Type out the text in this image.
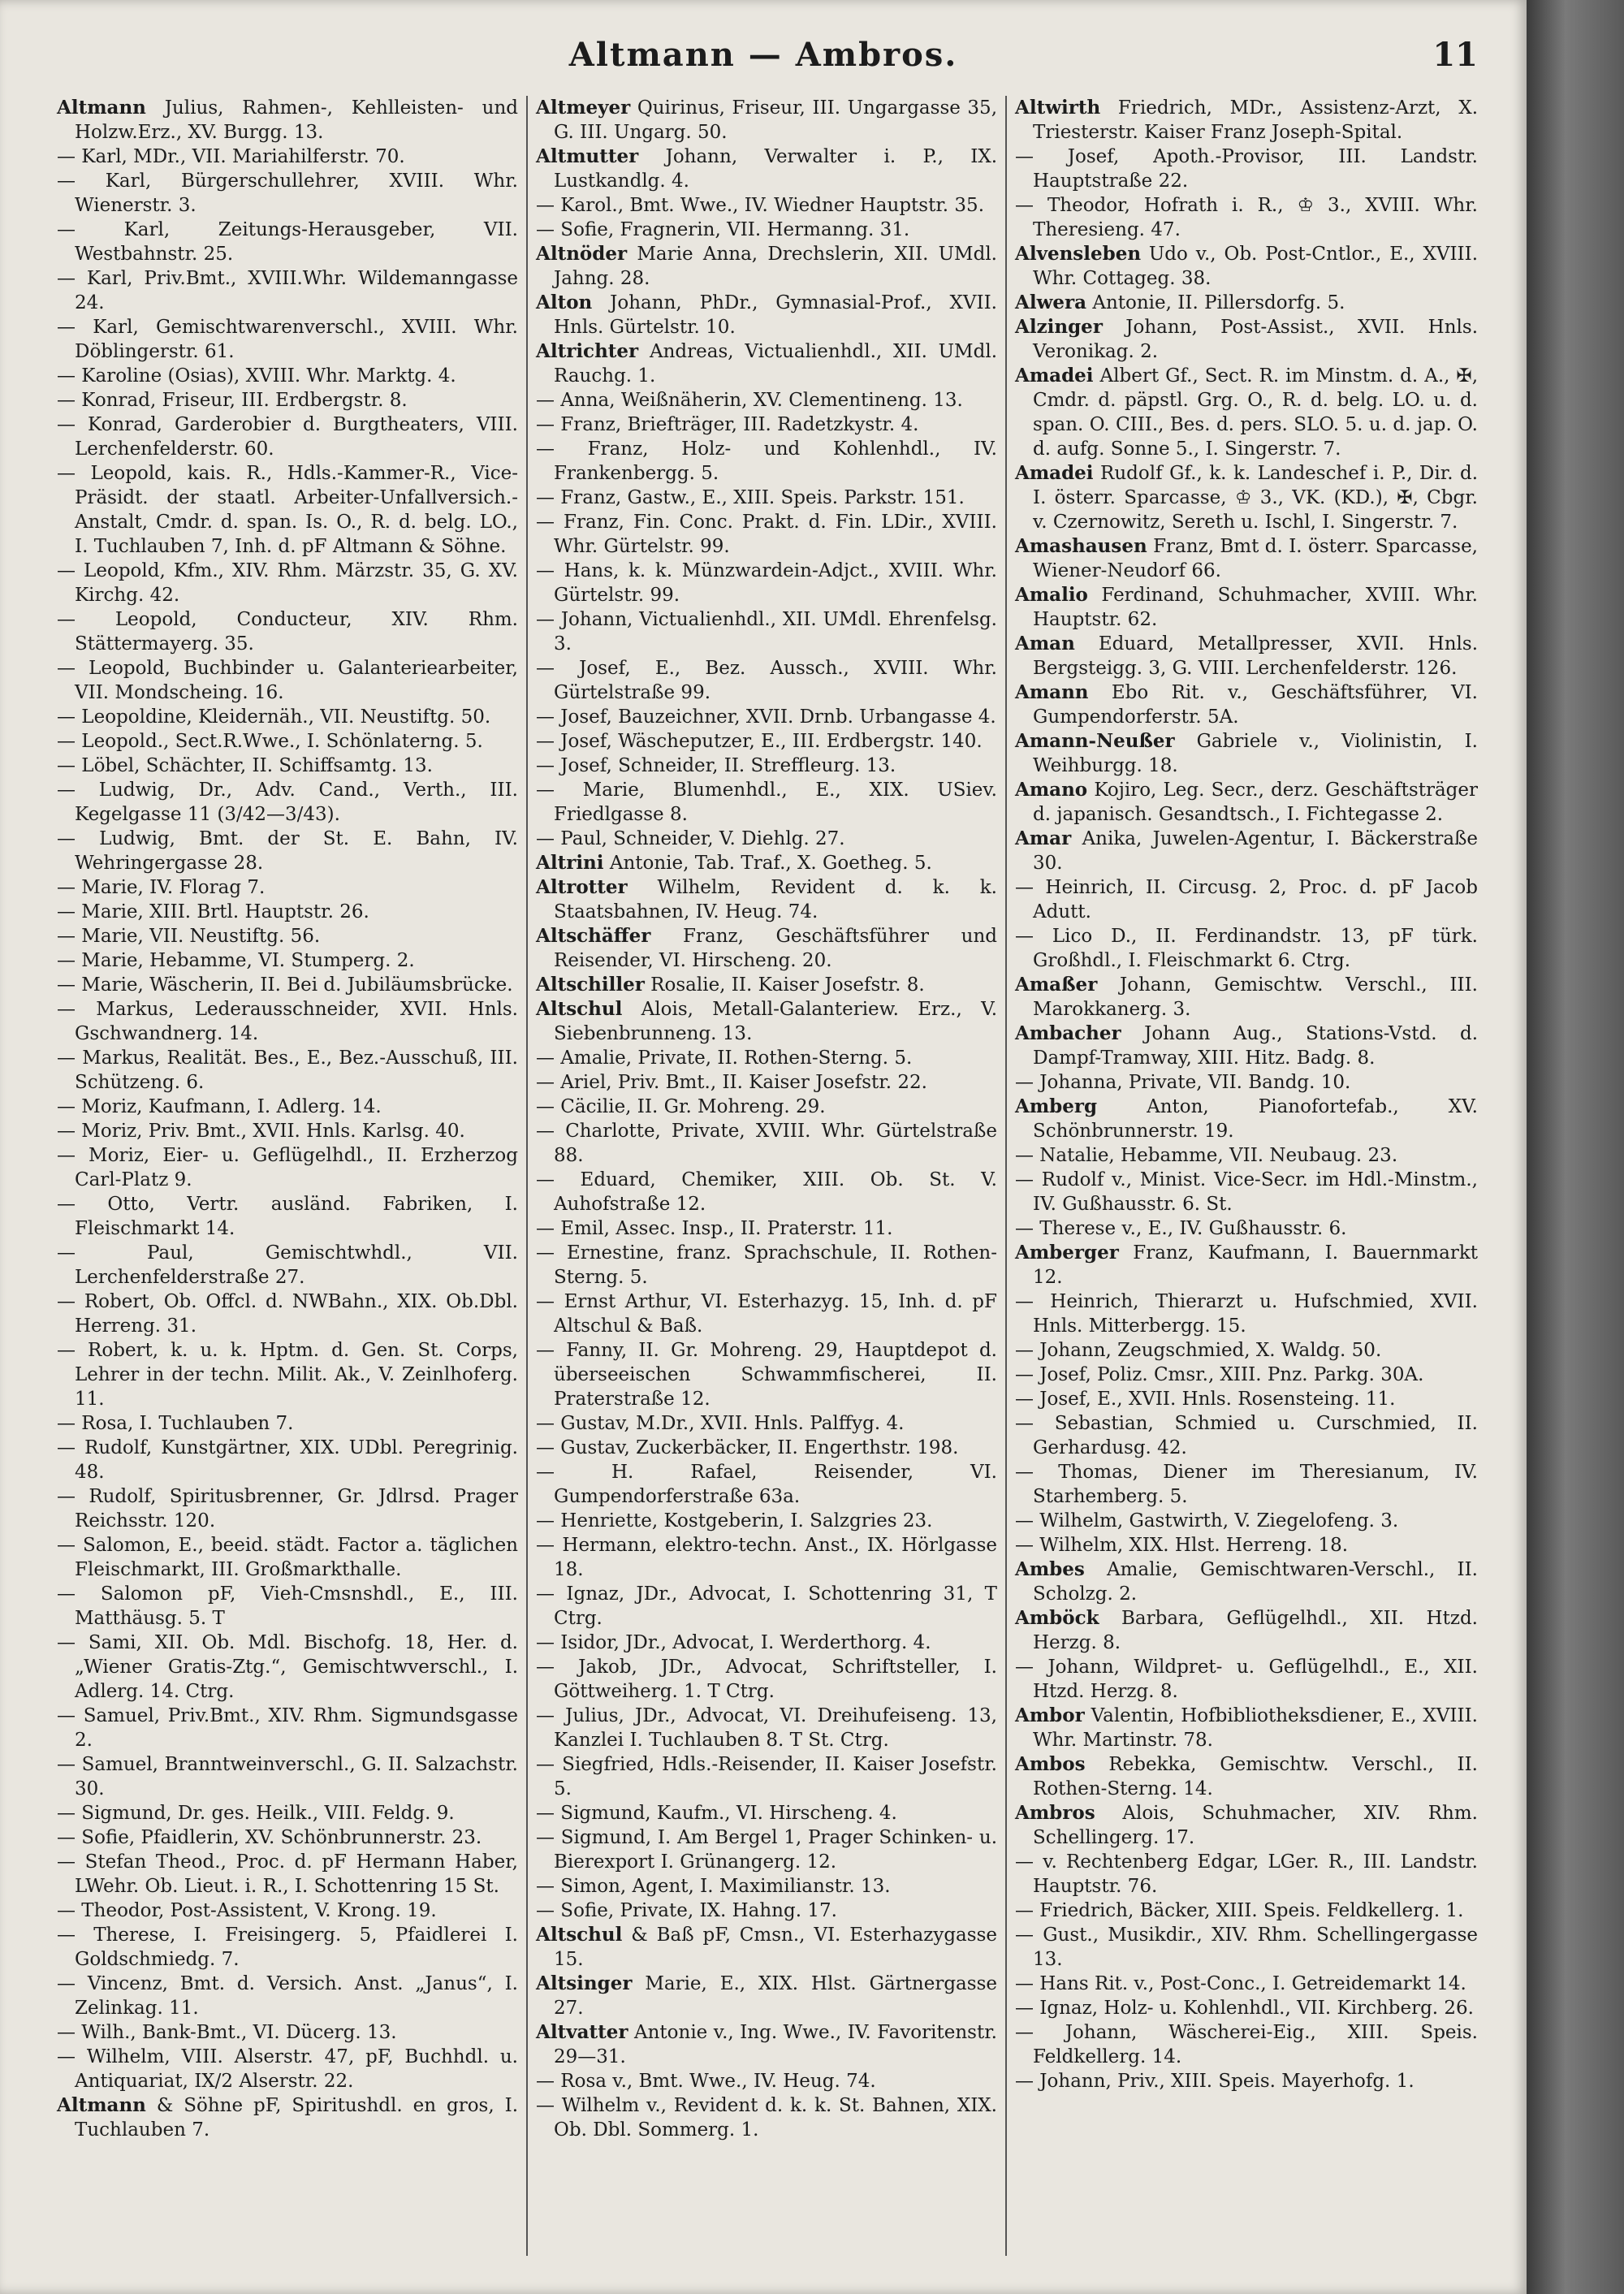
Altmann — Ambros.	11

Altmann Julius, Rahmen-, Kehlleisten- und Holzw.Erz., XV. Burgg. 13.

— Karl, MDr., VII. Mariahilferstr. 70.

— Karl, Bürgerschullehrer, XVIII. Whr. Wienerstr. 3.

— Karl, Zeitungs-Herausgeber, VII. Westbahnstr. 25.

— Karl, Priv.Bmt., XVIII.Whr. Wildemanngasse 24.

— Karl, Gemischtwarenverschl., XVIII. Whr. Döblingerstr. 61.

— Karoline (Osias), XVIII. Whr. Marktg. 4.

— Konrad, Friseur, III. Erdbergstr. 8.

— Konrad, Garderobier d. Burgtheaters, VIII. Lerchenfelderstr. 60.

— Leopold, kais. R., Hdls.-Kammer-R., Vice-Präsidt. der staatl. Arbeiter-Unfallversich.-Anstalt, Cmdr. d. span. Is. O., R. d. belg. LO., I. Tuchlauben 7, Inh. d. pF Altmann & Söhne.

— Leopold, Kfm., XIV. Rhm. Märzstr. 35, G. XV. Kirchg. 42.

— Leopold, Conducteur, XIV. Rhm. Stättermayerg. 35.

— Leopold, Buchbinder u. Galanteriearbeiter, VII. Mondscheing. 16.

— Leopoldine, Kleidernäh., VII. Neustiftg. 50.

— Leopold., Sect.R.Wwe., I. Schönlaterng. 5.

— Löbel, Schächter, II. Schiffsamtg. 13.

— Ludwig, Dr., Adv. Cand., Verth., III. Kegelgasse 11 (3/42—3/43).

— Ludwig, Bmt. der St. E. Bahn, IV. Wehringergasse 28.

— Marie, IV. Florag 7.

— Marie, XIII. Brtl. Hauptstr. 26.

— Marie, VII. Neustiftg. 56.

— Marie, Hebamme, VI. Stumperg. 2.

— Marie, Wäscherin, II. Bei d. Jubiläumsbrücke.

— Markus, Lederausschneider, XVII. Hnls. Gschwandnerg. 14.

— Markus, Realität. Bes., E., Bez.-Ausschuß, III. Schützeng. 6.

— Moriz, Kaufmann, I. Adlerg. 14.

— Moriz, Priv. Bmt., XVII. Hnls. Karlsg. 40.

— Moriz, Eier- u. Geflügelhdl., II. Erzherzog Carl-Platz 9.

— Otto, Vertr. ausländ. Fabriken, I. Fleischmarkt 14.

— Paul, Gemischtwhdl., VII. Lerchenfelderstraße 27.

— Robert, Ob. Offcl. d. NWBahn., XIX. Ob.Dbl. Herreng. 31.

— Robert, k. u. k. Hptm. d. Gen. St. Corps, Lehrer in der techn. Milit. Ak., V. Zeinlhoferg. 11.

— Rosa, I. Tuchlauben 7.

— Rudolf, Kunstgärtner, XIX. UDbl. Peregrinig. 48.

— Rudolf, Spiritusbrenner, Gr. Jdlrsd. Prager Reichsstr. 120.

— Salomon, E., beeid. städt. Factor a. täglichen Fleischmarkt, III. Großmarkthalle.

— Salomon pF, Vieh-Cmsnshdl., E., III. Matthäusg. 5. T

— Sami, XII. Ob. Mdl. Bischofg. 18, Her. d. „Wiener Gratis-Ztg.“, Gemischtwverschl., I. Adlerg. 14. Ctrg.

— Samuel, Priv.Bmt., XIV. Rhm. Sigmundsgasse 2.

— Samuel, Branntweinverschl., G. II. Salzachstr. 30.

— Sigmund, Dr. ges. Heilk., VIII. Feldg. 9.

— Sofie, Pfaidlerin, XV. Schönbrunnerstr. 23.

— Stefan Theod., Proc. d. pF Hermann Haber, LWehr. Ob. Lieut. i. R., I. Schottenring 15 St.

— Theodor, Post-Assistent, V. Krong. 19.

— Therese, I. Freisingerg. 5, Pfaidlerei I. Goldschmiedg. 7.

— Vincenz, Bmt. d. Versich. Anst. „Janus“, I. Zelinkag. 11.

— Wilh., Bank-Bmt., VI. Dücerg. 13.

— Wilhelm, VIII. Alserstr. 47, pF, Buchhdl. u. Antiquariat, IX/2 Alserstr. 22.

Altmann & Söhne pF, Spiritushdl. en gros, I. Tuchlauben 7.

Altmeyer Quirinus, Friseur, III. Ungargasse 35, G. III. Ungarg. 50.

Altmutter Johann, Verwalter i. P., IX. Lustkandlg. 4.

— Karol., Bmt. Wwe., IV. Wiedner Hauptstr. 35.

— Sofie, Fragnerin, VII. Hermanng. 31.

Altnöder Marie Anna, Drechslerin, XII. UMdl. Jahng. 28.

Alton Johann, PhDr., Gymnasial-Prof., XVII. Hnls. Gürtelstr. 10.

Altrichter Andreas, Victualienhdl., XII. UMdl. Rauchg. 1.

— Anna, Weißnäherin, XV. Clementineng. 13.

— Franz, Briefträger, III. Radetzkystr. 4.

— Franz, Holz- und Kohlenhdl., IV. Frankenbergg. 5.

— Franz, Gastw., E., XIII. Speis. Parkstr. 151.

— Franz, Fin. Conc. Prakt. d. Fin. LDir., XVIII. Whr. Gürtelstr. 99.

— Hans, k. k. Münzwardein-Adjct., XVIII. Whr. Gürtelstr. 99.

— Johann, Victualienhdl., XII. UMdl. Ehrenfelsg. 3.

— Josef, E., Bez. Aussch., XVIII. Whr. Gürtelstraße 99.

— Josef, Bauzeichner, XVII. Drnb. Urbangasse 4.

— Josef, Wäscheputzer, E., III. Erdbergstr. 140.

— Josef, Schneider, II. Streffleurg. 13.

— Marie, Blumenhdl., E., XIX. USiev. Friedlgasse 8.

— Paul, Schneider, V. Diehlg. 27.

Altrini Antonie, Tab. Traf., X. Goetheg. 5.

Altrotter Wilhelm, Revident d. k. k. Staatsbahnen, IV. Heug. 74.

Altschäffer Franz, Geschäftsführer und Reisender, VI. Hirscheng. 20.

Altschiller Rosalie, II. Kaiser Josefstr. 8.

Altschul Alois, Metall-Galanteriew. Erz., V. Siebenbrunneng. 13.

— Amalie, Private, II. Rothen-Sterng. 5.

— Ariel, Priv. Bmt., II. Kaiser Josefstr. 22.

— Cäcilie, II. Gr. Mohreng. 29.

— Charlotte, Private, XVIII. Whr. Gürtelstraße 88.

— Eduard, Chemiker, XIII. Ob. St. V. Auhofstraße 12.

— Emil, Assec. Insp., II. Praterstr. 11.

— Ernestine, franz. Sprachschule, II. Rothen-Sterng. 5.

— Ernst Arthur, VI. Esterhazyg. 15, Inh. d. pF Altschul & Baß.

— Fanny, II. Gr. Mohreng. 29, Hauptdepot d. überseeischen Schwammfischerei, II. Praterstraße 12.

— Gustav, M.Dr., XVII. Hnls. Palffyg. 4.

— Gustav, Zuckerbäcker, II. Engerthstr. 198.

— H. Rafael, Reisender, VI. Gumpendorferstraße 63a.

— Henriette, Kostgeberin, I. Salzgries 23.

— Hermann, elektro-techn. Anst., IX. Hörlgasse 18.

— Ignaz, JDr., Advocat, I. Schottenring 31, T Ctrg.

— Isidor, JDr., Advocat, I. Werderthorg. 4.

— Jakob, JDr., Advocat, Schriftsteller, I. Göttweiherg. 1. T Ctrg.

— Julius, JDr., Advocat, VI. Dreihufeiseng. 13, Kanzlei I. Tuchlauben 8. T St. Ctrg.

— Siegfried, Hdls.-Reisender, II. Kaiser Josefstr. 5.

— Sigmund, Kaufm., VI. Hirscheng. 4.

— Sigmund, I. Am Bergel 1, Prager Schinken- u. Bierexport I. Grünangerg. 12.

— Simon, Agent, I. Maximilianstr. 13.

— Sofie, Private, IX. Hahng. 17.

Altschul & Baß pF, Cmsn., VI. Esterhazygasse 15.

Altsinger Marie, E., XIX. Hlst. Gärtnergasse 27.

Altvatter Antonie v., Ing. Wwe., IV. Favoritenstr. 29—31.

— Rosa v., Bmt. Wwe., IV. Heug. 74.

— Wilhelm v., Revident d. k. k. St. Bahnen, XIX. Ob. Dbl. Sommerg. 1.

Altwirth Friedrich, MDr., Assistenz-Arzt, X. Triesterstr. Kaiser Franz Joseph-Spital.

— Josef, Apoth.-Provisor, III. Landstr. Hauptstraße 22.

— Theodor, Hofrath i. R., ♔ 3., XVIII. Whr. Theresieng. 47.

Alvensleben Udo v., Ob. Post-Cntlor., E., XVIII. Whr. Cottageg. 38.

Alwera Antonie, II. Pillersdorfg. 5.

Alzinger Johann, Post-Assist., XVII. Hnls. Veronikag. 2.

Amadei Albert Gf., Sect. R. im Minstm. d. A., ✠, Cmdr. d. päpstl. Grg. O., R. d. belg. LO. u. d. span. O. CIII., Bes. d. pers. SLO. 5. u. d. jap. O. d. aufg. Sonne 5., I. Singerstr. 7.

Amadei Rudolf Gf., k. k. Landeschef i. P., Dir. d. I. österr. Sparcasse, ♔ 3., VK. (KD.), ✠, Cbgr. v. Czernowitz, Sereth u. Ischl, I. Singerstr. 7.

Amashausen Franz, Bmt d. I. österr. Sparcasse, Wiener-Neudorf 66.

Amalio Ferdinand, Schuhmacher, XVIII. Whr. Hauptstr. 62.

Aman Eduard, Metallpresser, XVII. Hnls. Bergsteigg. 3, G. VIII. Lerchenfelderstr. 126.

Amann Ebo Rit. v., Geschäftsführer, VI. Gumpendorferstr. 5A.

Amann-Neußer Gabriele v., Violinistin, I. Weihburgg. 18.

Amano Kojiro, Leg. Secr., derz. Geschäftsträger d. japanisch. Gesandtsch., I. Fichtegasse 2.

Amar Anika, Juwelen-Agentur, I. Bäckerstraße 30.

— Heinrich, II. Circusg. 2, Proc. d. pF Jacob Adutt.

— Lico D., II. Ferdinandstr. 13, pF türk. Großhdl., I. Fleischmarkt 6. Ctrg.

Amaßer Johann, Gemischtw. Verschl., III. Marokkanerg. 3.

Ambacher Johann Aug., Stations-Vstd. d. Dampf-Tramway, XIII. Hitz. Badg. 8.

— Johanna, Private, VII. Bandg. 10.

Amberg	Anton, Pianofortefab., XV. Schönbrunnerstr. 19.

— Natalie, Hebamme, VII. Neubaug. 23.

— Rudolf v., Minist. Vice-Secr. im Hdl.-Minstm., IV. Gußhausstr. 6. St.

— Therese v., E., IV. Gußhausstr. 6.

Amberger Franz, Kaufmann, I. Bauernmarkt 12.

— Heinrich, Thierarzt u. Hufschmied, XVII. Hnls. Mitterbergg. 15.

— Johann, Zeugschmied, X. Waldg. 50.

— Josef, Poliz. Cmsr., XIII. Pnz. Parkg. 30A.

— Josef, E., XVII. Hnls. Rosensteing. 11.

— Sebastian, Schmied u. Curschmied, II. Gerhardusg. 42.

— Thomas, Diener im Theresianum, IV. Starhemberg. 5.

— Wilhelm, Gastwirth, V. Ziegelofeng. 3.

— Wilhelm, XIX. Hlst. Herreng. 18.

Ambes Amalie, Gemischtwaren-Verschl., II. Scholzg. 2.

Amböck Barbara, Geflügelhdl., XII. Htzd. Herzg. 8.

— Johann, Wildpret- u. Geflügelhdl., E., XII. Htzd. Herzg. 8.

Ambor Valentin, Hofbibliotheksdiener, E., XVIII. Whr. Martinstr. 78.

Ambos Rebekka, Gemischtw. Verschl., II. Rothen-Sterng. 14.

Ambros Alois, Schuhmacher, XIV. Rhm. Schellingerg. 17.

— v. Rechtenberg Edgar, LGer. R., III. Landstr. Hauptstr. 76.

— Friedrich, Bäcker, XIII. Speis. Feldkellerg. 1.

— Gust., Musikdir., XIV. Rhm. Schellingergasse 13.

— Hans Rit. v., Post-Conc., I. Getreidemarkt 14.

— Ignaz, Holz- u. Kohlenhdl., VII. Kirchberg. 26.

— Johann, Wäscherei-Eig., XIII. Speis. Feldkellerg. 14.

— Johann, Priv., XIII. Speis. Mayerhofg. 1.
